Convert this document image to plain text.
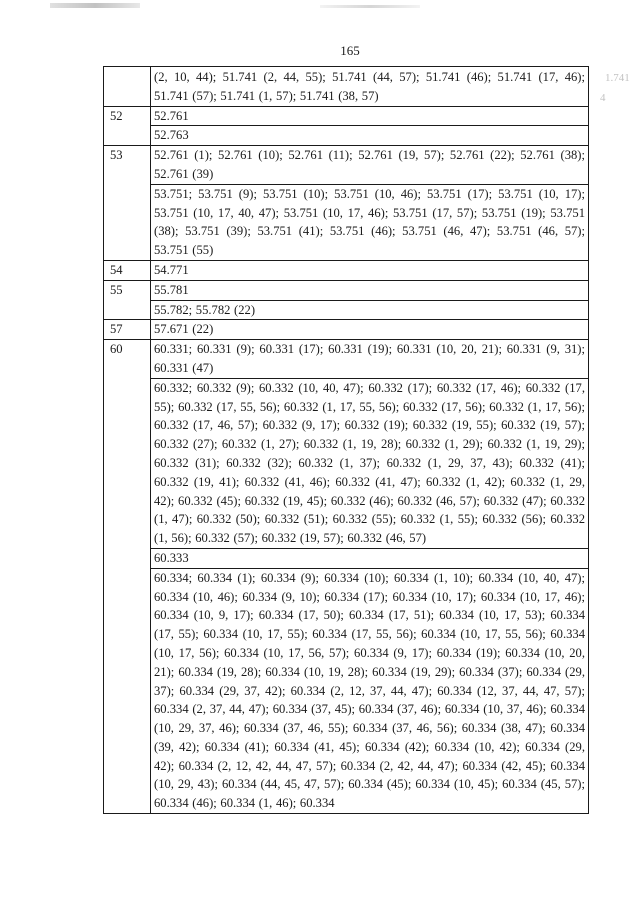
165
1.741
4
	(2, 10, 44); 51.741 (2, 44, 55); 51.741 (44, 57); 51.741 (46); 51.741 (17, 46); 51.741 (57); 51.741 (1, 57); 51.741 (38, 57)
52	52.761
	52.763
53	52.761 (1); 52.761 (10); 52.761 (11); 52.761 (19, 57); 52.761 (22); 52.761 (38); 52.761 (39)
	53.751; 53.751 (9); 53.751 (10); 53.751 (10, 46); 53.751 (17); 53.751 (10, 17); 53.751 (10, 17, 40, 47); 53.751 (10, 17, 46); 53.751 (17, 57); 53.751 (19); 53.751 (38); 53.751 (39); 53.751 (41); 53.751 (46); 53.751 (46, 47); 53.751 (46, 57); 53.751 (55)
54	54.771
55	55.781
	55.782; 55.782 (22)
57	57.671 (22)
60	60.331; 60.331 (9); 60.331 (17); 60.331 (19); 60.331 (10, 20, 21); 60.331 (9, 31); 60.331 (47)
	60.332; 60.332 (9); 60.332 (10, 40, 47); 60.332 (17); 60.332 (17, 46); 60.332 (17, 55); 60.332 (17, 55, 56); 60.332 (1, 17, 55, 56); 60.332 (17, 56); 60.332 (1, 17, 56); 60.332 (17, 46, 57); 60.332 (9, 17); 60.332 (19); 60.332 (19, 55); 60.332 (19, 57); 60.332 (27); 60.332 (1, 27); 60.332 (1, 19, 28); 60.332 (1, 29); 60.332 (1, 19, 29); 60.332 (31); 60.332 (32); 60.332 (1, 37); 60.332 (1, 29, 37, 43); 60.332 (41); 60.332 (19, 41); 60.332 (41, 46); 60.332 (41, 47); 60.332 (1, 42); 60.332 (1, 29, 42); 60.332 (45); 60.332 (19, 45); 60.332 (46); 60.332 (46, 57); 60.332 (47); 60.332 (1, 47); 60.332 (50); 60.332 (51); 60.332 (55); 60.332 (1, 55); 60.332 (56); 60.332 (1, 56); 60.332 (57); 60.332 (19, 57); 60.332 (46, 57)
	60.333
	60.334; 60.334 (1); 60.334 (9); 60.334 (10); 60.334 (1, 10); 60.334 (10, 40, 47); 60.334 (10, 46); 60.334 (9, 10); 60.334 (17); 60.334 (10, 17); 60.334 (10, 17, 46); 60.334 (10, 9, 17); 60.334 (17, 50); 60.334 (17, 51); 60.334 (10, 17, 53); 60.334 (17, 55); 60.334 (10, 17, 55); 60.334 (17, 55, 56); 60.334 (10, 17, 55, 56); 60.334 (10, 17, 56); 60.334 (10, 17, 56, 57); 60.334 (9, 17); 60.334 (19); 60.334 (10, 20, 21); 60.334 (19, 28); 60.334 (10, 19, 28); 60.334 (19, 29); 60.334 (37); 60.334 (29, 37); 60.334 (29, 37, 42); 60.334 (2, 12, 37, 44, 47); 60.334 (12, 37, 44, 47, 57); 60.334 (2, 37, 44, 47); 60.334 (37, 45); 60.334 (37, 46); 60.334 (10, 37, 46); 60.334 (10, 29, 37, 46); 60.334 (37, 46, 55); 60.334 (37, 46, 56); 60.334 (38, 47); 60.334 (39, 42); 60.334 (41); 60.334 (41, 45); 60.334 (42); 60.334 (10, 42); 60.334 (29, 42); 60.334 (2, 12, 42, 44, 47, 57); 60.334 (2, 42, 44, 47); 60.334 (42, 45); 60.334 (10, 29, 43); 60.334 (44, 45, 47, 57); 60.334 (45); 60.334 (10, 45); 60.334 (45, 57); 60.334 (46); 60.334 (1, 46); 60.334
